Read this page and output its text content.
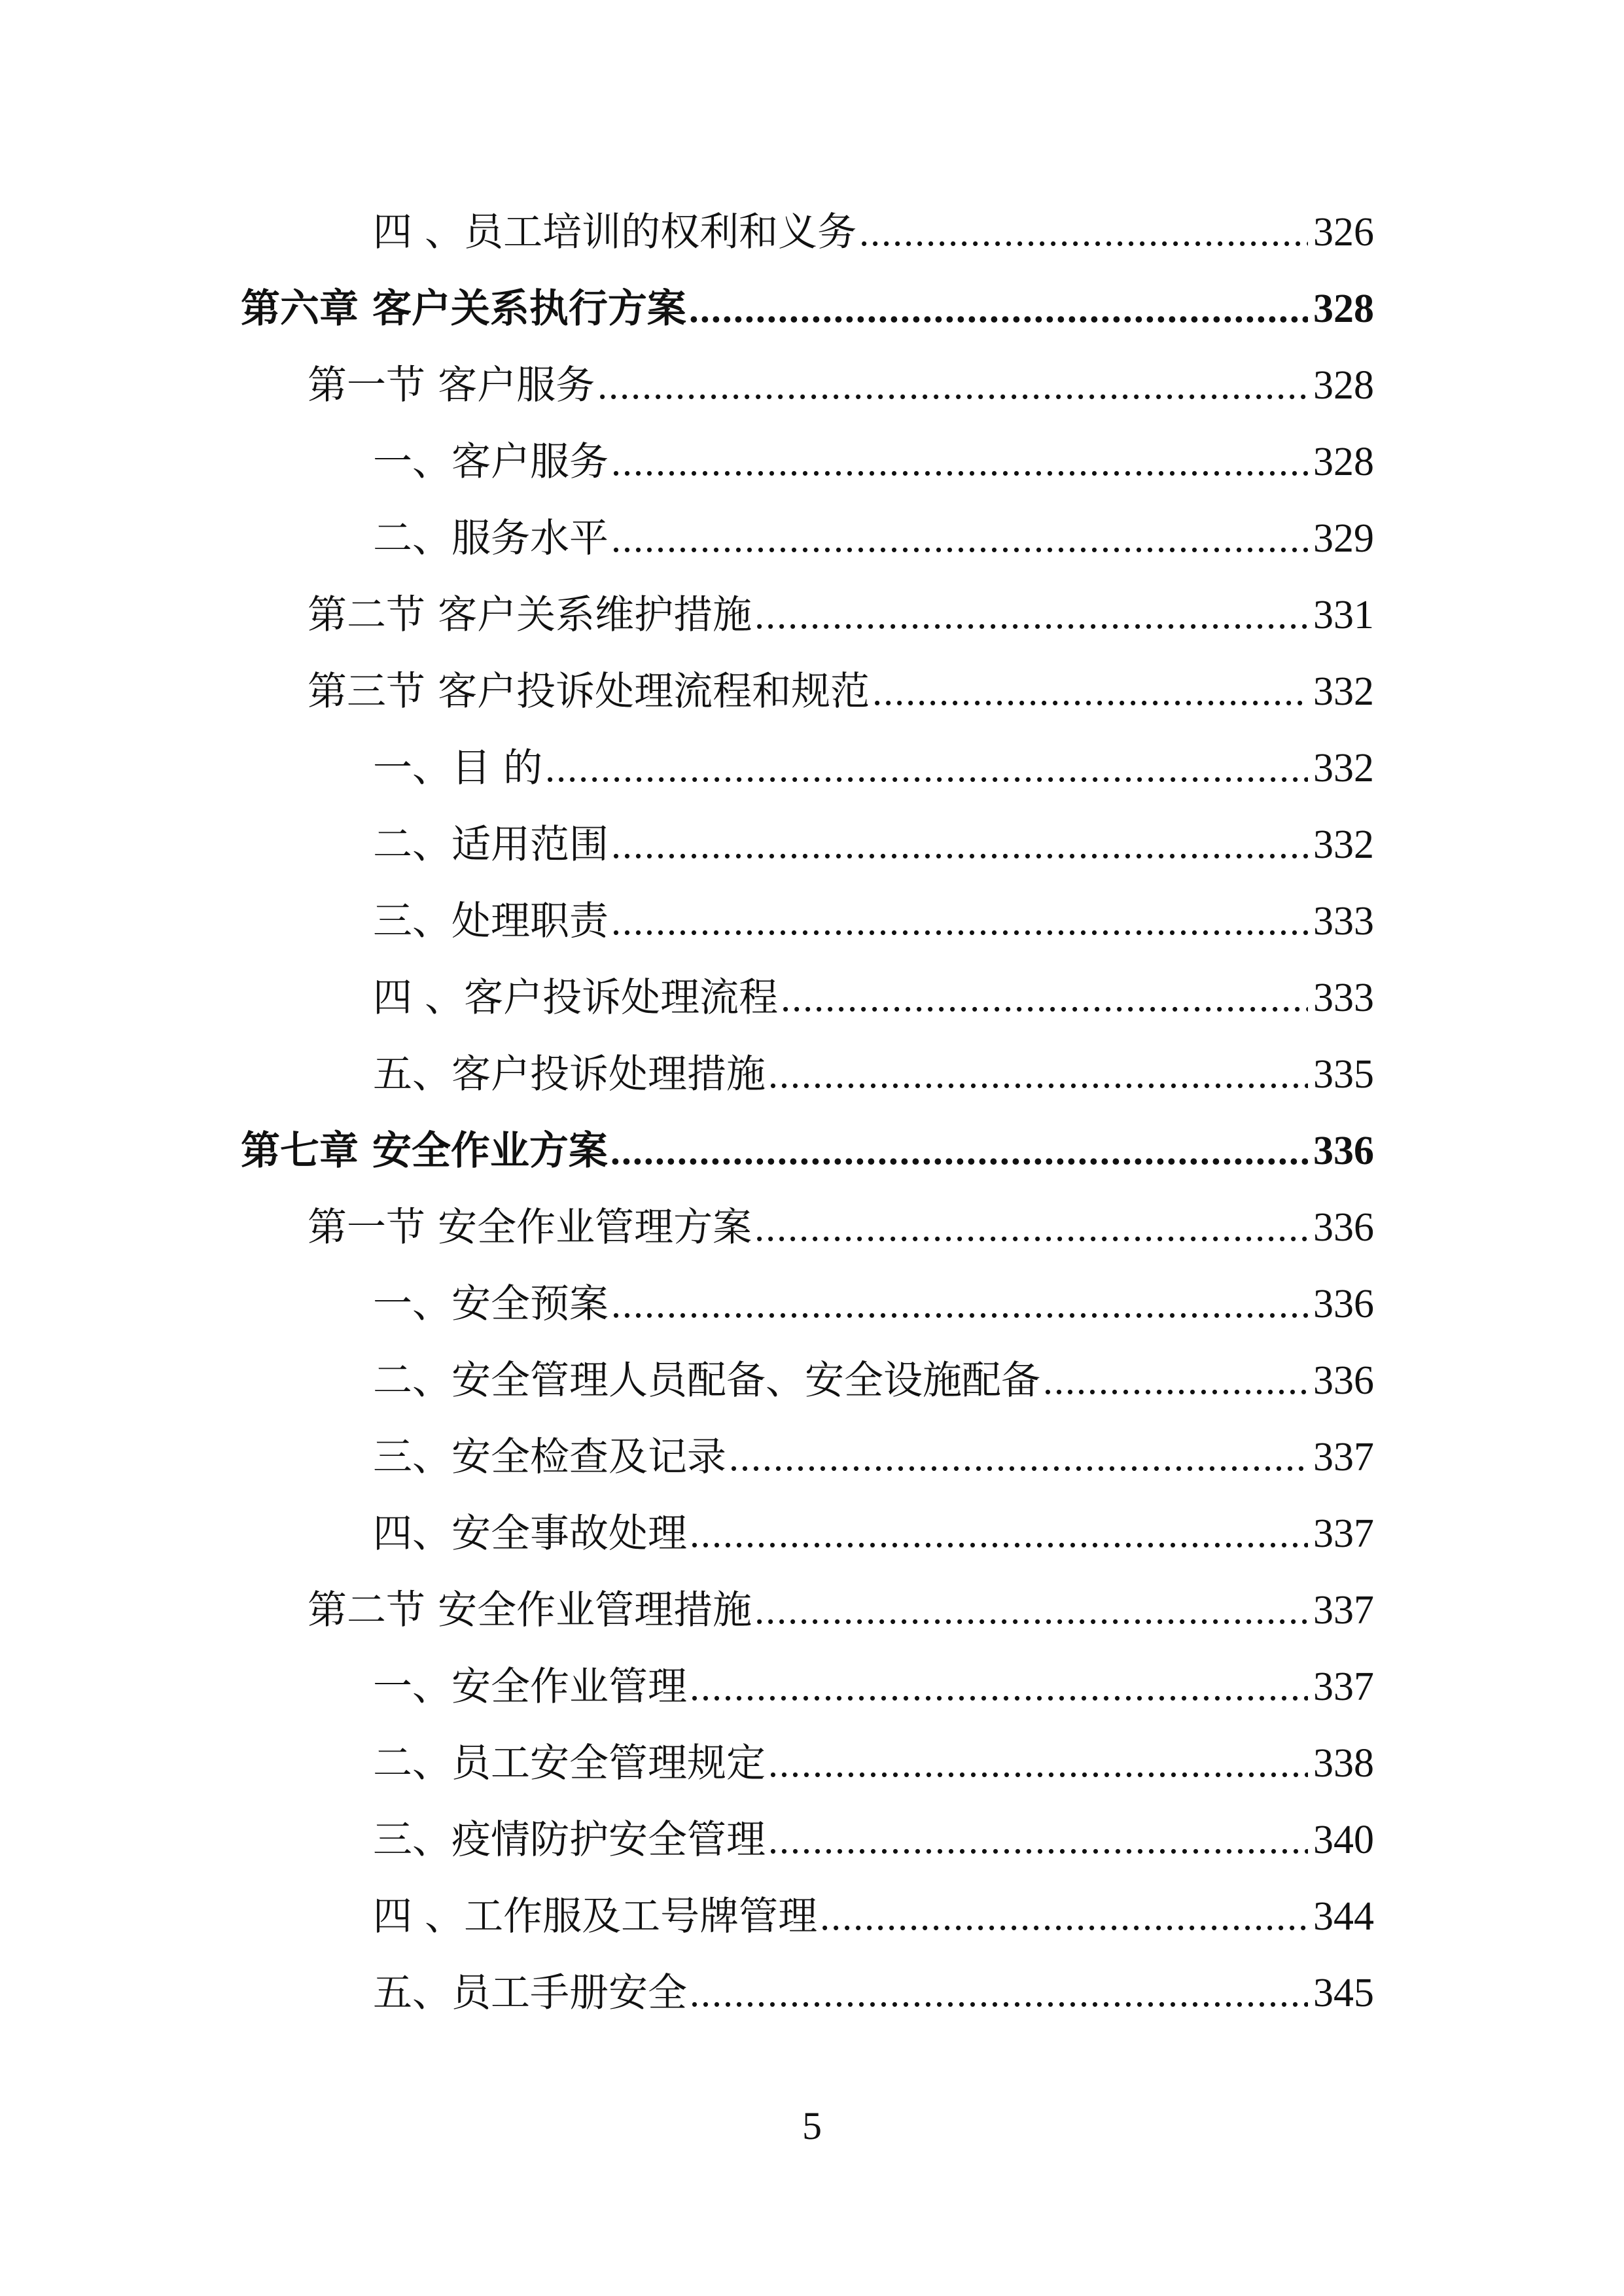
四 、员工培训的权利和义务 .....	326
第六章 客户关系执行方案 .....	328
第一节 客户服务 .....	328
一、客户服务 .....	328
二、服务水平 .....	329
第二节 客户关系维护措施 .....	331
第三节 客户投诉处理流程和规范 .....	332
一、目 的 .....	332
二、适用范围 .....	332
三、处理职责 .....	333
四 、客户投诉处理流程 .....	333
五、客户投诉处理措施 .....	335
第七章 安全作业方案 .....	336
第一节 安全作业管理方案 .....	336
一、安全预案 .....	336
二、安全管理人员配备、安全设施配备 .....	336
三、安全检查及记录 .....	337
四、安全事故处理 .....	337
第二节 安全作业管理措施 .....	337
一、安全作业管理 .....	337
二、员工安全管理规定 .....	338
三、疫情防护安全管理 .....	340
四 、工作服及工号牌管理 .....	344
五、员工手册安全 .....	345
5
